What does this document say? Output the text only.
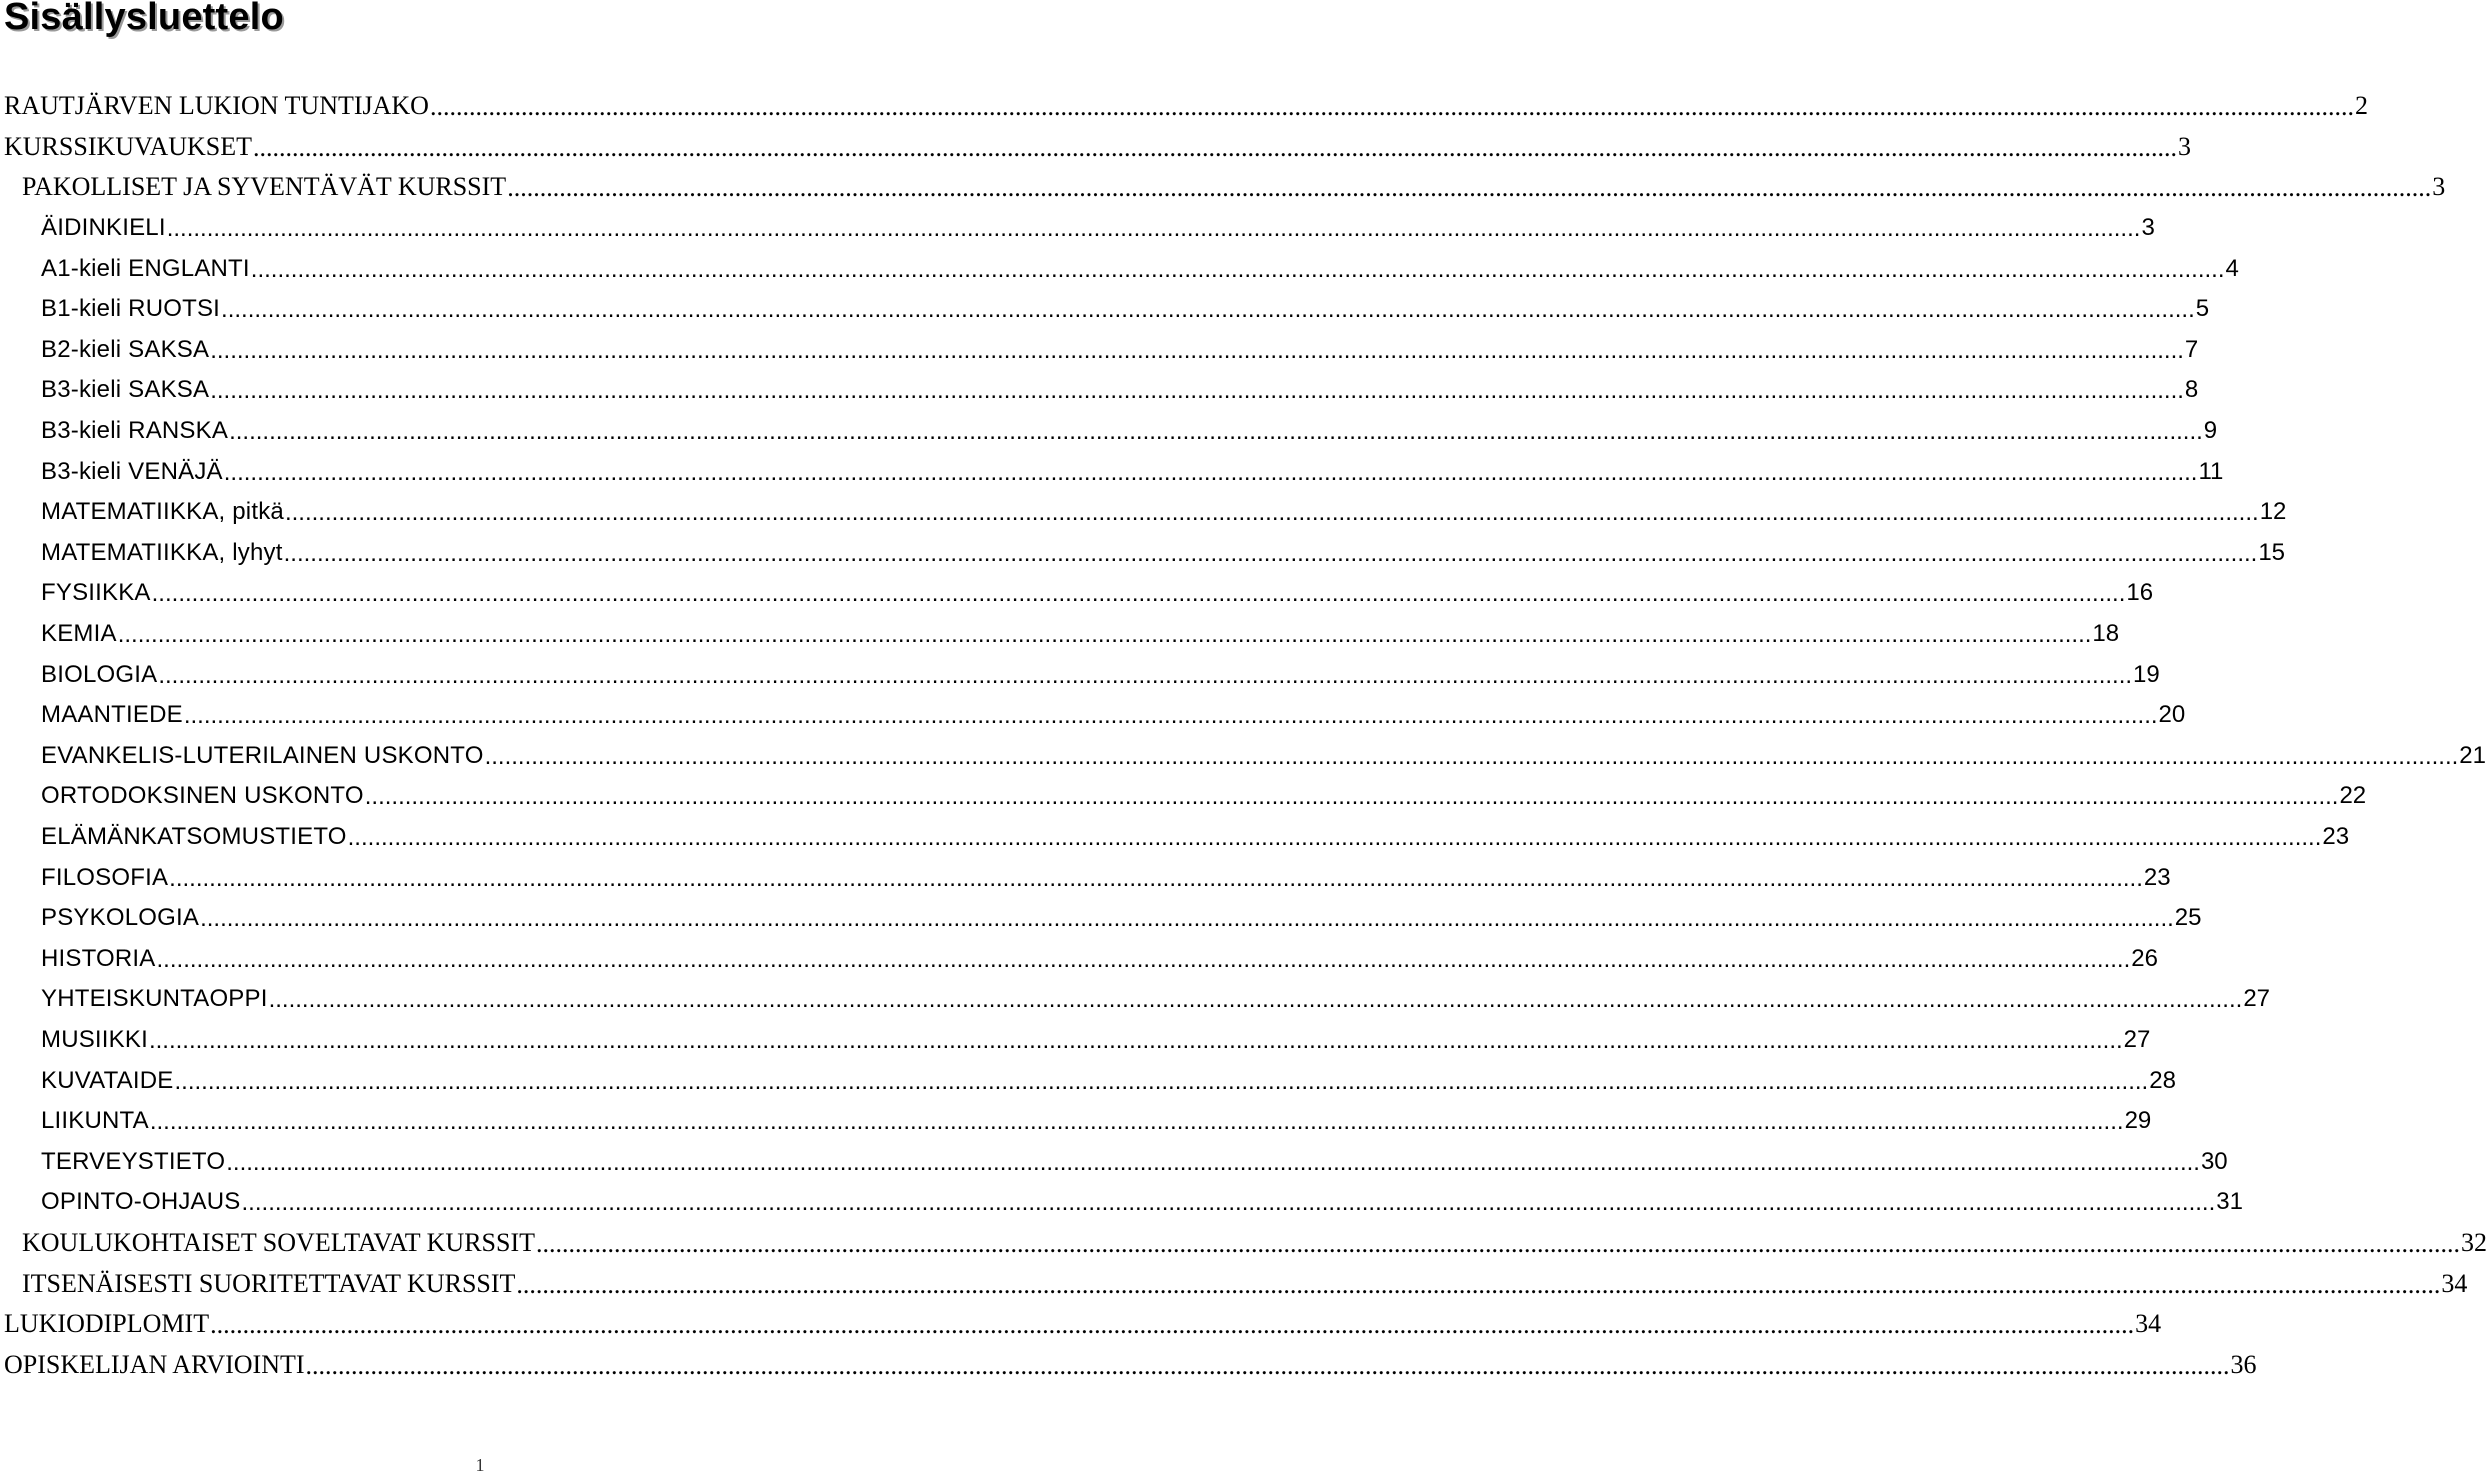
Sisällysluettelo
RAUTJÄRVEN LUKION TUNTIJAKO .....	2
KURSSIKUVAUKSET .....	3
PAKOLLISET JA SYVENTÄVÄT KURSSIT .....	3
ÄIDINKIELI .....	3
A1-kieli ENGLANTI .....	4
B1-kieli RUOTSI .....	5
B2-kieli SAKSA .....	7
B3-kieli SAKSA .....	8
B3-kieli RANSKA .....	9
B3-kieli VENÄJÄ .....	11
MATEMATIIKKA, pitkä .....	12
MATEMATIIKKA, lyhyt .....	15
FYSIIKKA .....	16
KEMIA .....	18
BIOLOGIA .....	19
MAANTIEDE .....	20
EVANKELIS-LUTERILAINEN USKONTO .....	21
ORTODOKSINEN USKONTO .....	22
ELÄMÄNKATSOMUSTIETO .....	23
FILOSOFIA .....	23
PSYKOLOGIA .....	25
HISTORIA .....	26
YHTEISKUNTAOPPI .....	27
MUSIIKKI .....	27
KUVATAIDE .....	28
LIIKUNTA .....	29
TERVEYSTIETO .....	30
OPINTO-OHJAUS .....	31
KOULUKOHTAISET SOVELTAVAT KURSSIT .....	32
ITSENÄISESTI SUORITETTAVAT KURSSIT .....	34
LUKIODIPLOMIT .....	34
OPISKELIJAN ARVIOINTI .....	36
1
